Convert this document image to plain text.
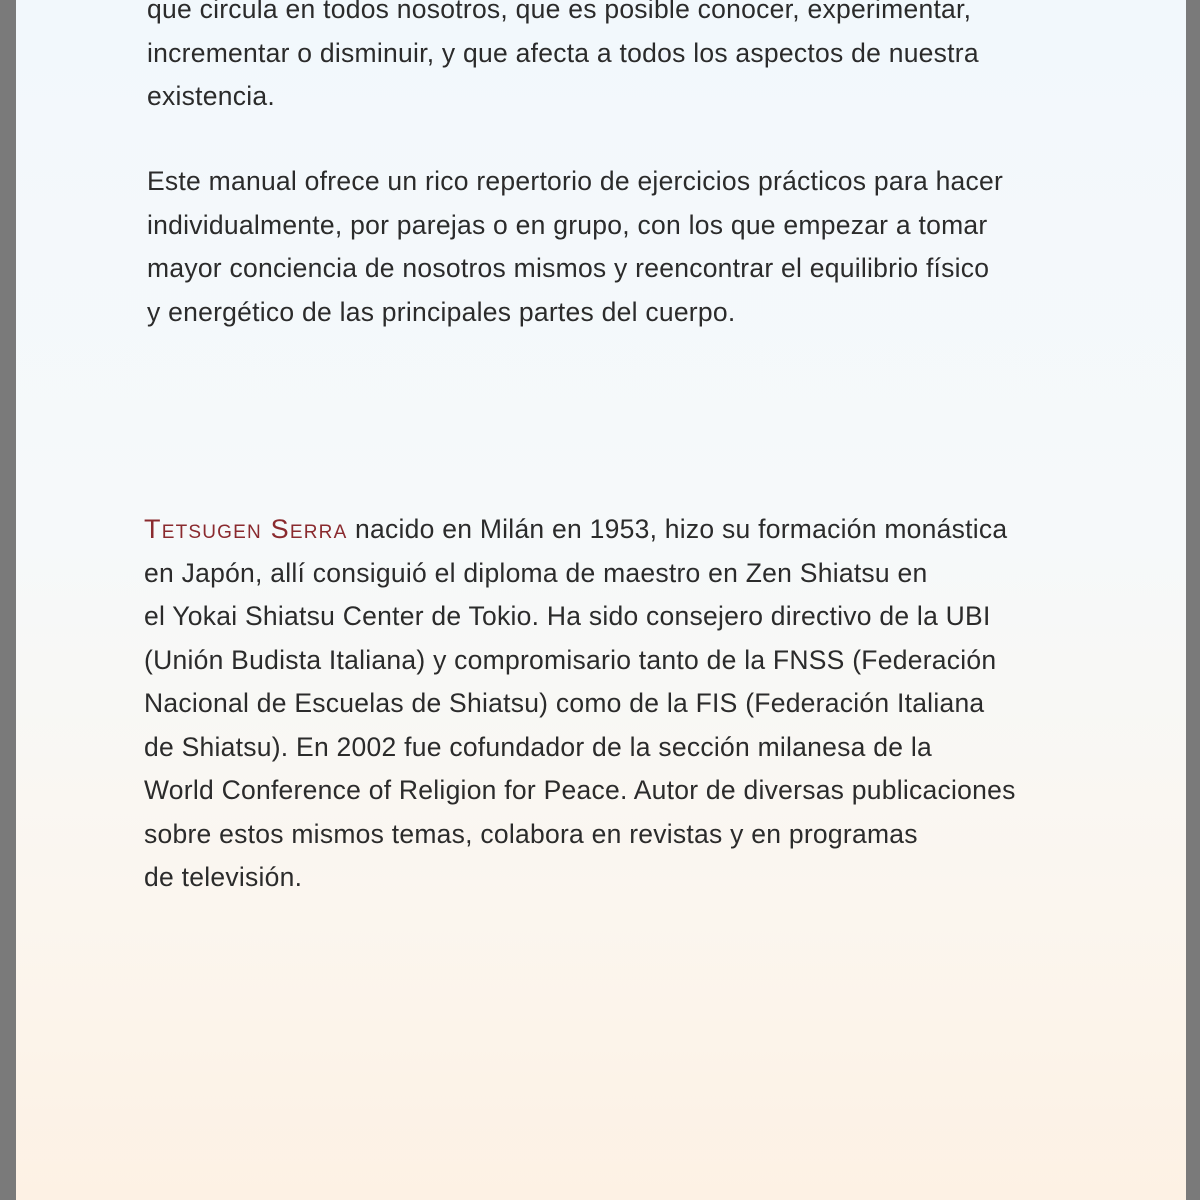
que circula en todos nosotros, que es posible conocer, experimentar,
incrementar o disminuir, y que afecta a todos los aspectos de nuestra
existencia.

Este manual ofrece un rico repertorio de ejercicios prácticos para hacer
individualmente, por parejas o en grupo, con los que empezar a tomar
mayor conciencia de nosotros mismos y reencontrar el equilibrio físico
y energético de las principales partes del cuerpo.

Tetsugen Serra nacido en Milán en 1953, hizo su formación monástica
en Japón, allí consiguió el diploma de maestro en Zen Shiatsu en
el Yokai Shiatsu Center de Tokio. Ha sido consejero directivo de la UBI
(Unión Budista Italiana) y compromisario tanto de la FNSS (Federación
Nacional de Escuelas de Shiatsu) como de la FIS (Federación Italiana
de Shiatsu). En 2002 fue cofundador de la sección milanesa de la
World Conference of Religion for Peace. Autor de diversas publicaciones
sobre estos mismos temas, colabora en revistas y en programas
de televisión.
